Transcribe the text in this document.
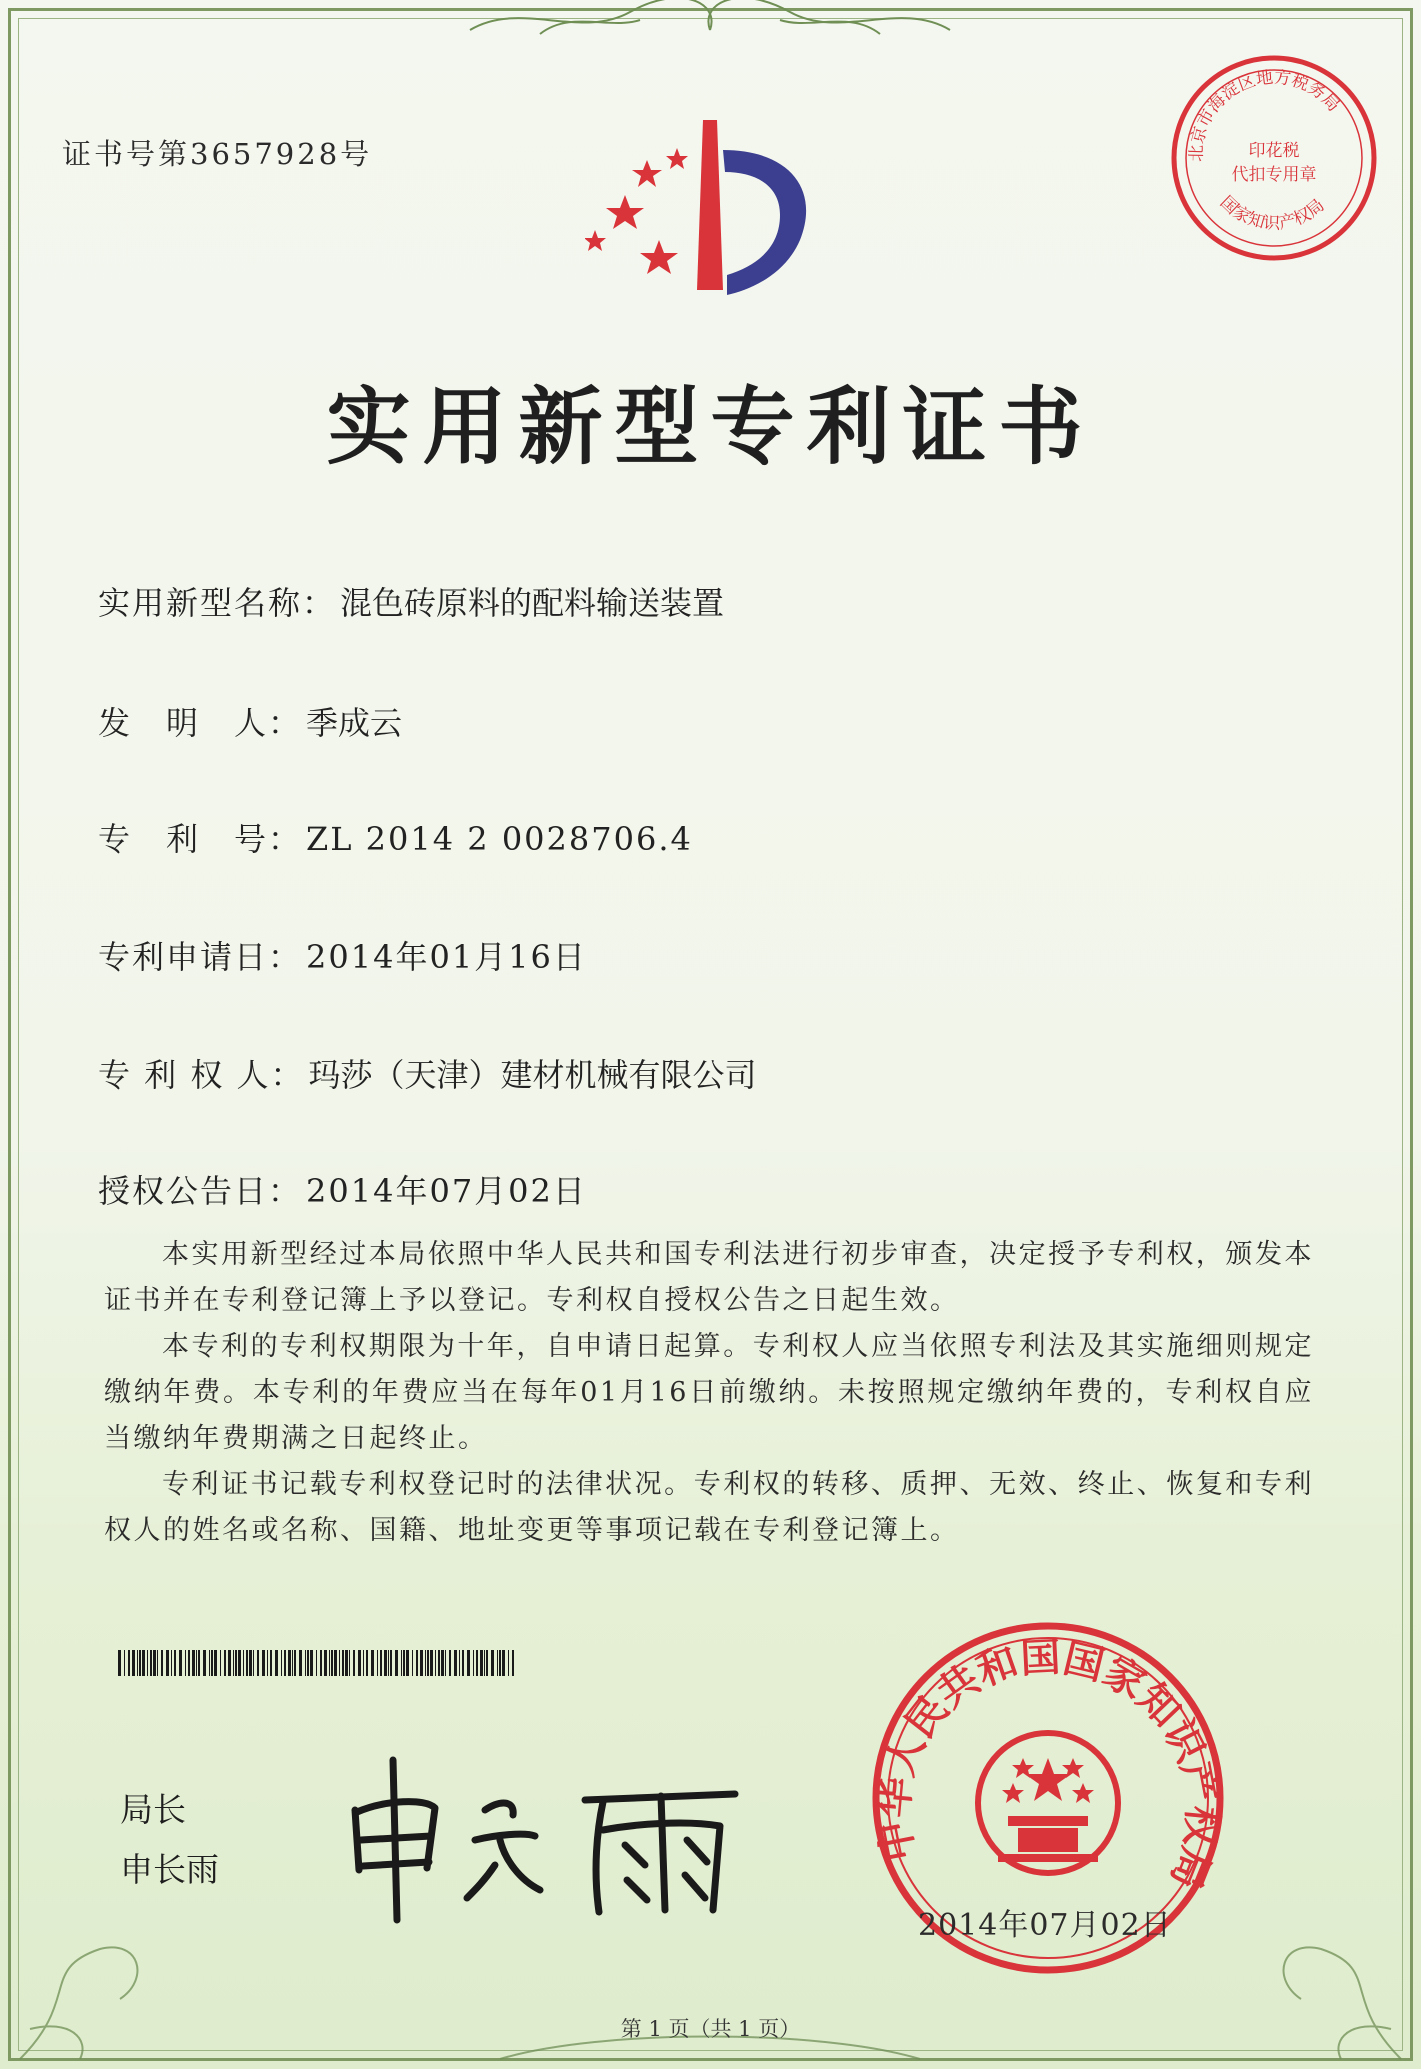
证书号第3657928号	北京市海淀区地方税务局
国家知识产权局
印花税
代扣专用章
实用新型专利证书
实用新型名称： 混色砖原料的配料输送装置
发　明　人： 季成云
专　利　号： ZL 2014 2 0028706.4
专利申请日： 2014年01月16日
专 利 权 人： 玛莎（天津）建材机械有限公司
授权公告日： 2014年07月02日

本实用新型经过本局依照中华人民共和国专利法进行初步审查，决定授予专利权，颁发本证书并在专利登记簿上予以登记。专利权自授权公告之日起生效。

本专利的专利权期限为十年，自申请日起算。专利权人应当依照专利法及其实施细则规定缴纳年费。本专利的年费应当在每年01月16日前缴纳。未按照规定缴纳年费的，专利权自应当缴纳年费期满之日起终止。

专利证书记载专利权登记时的法律状况。专利权的转移、质押、无效、终止、恢复和专利权人的姓名或名称、国籍、地址变更等事项记载在专利登记簿上。

局长
申长雨
中华人民共和国国家知识产权局
2014年07月02日
第 1 页（共 1 页）
